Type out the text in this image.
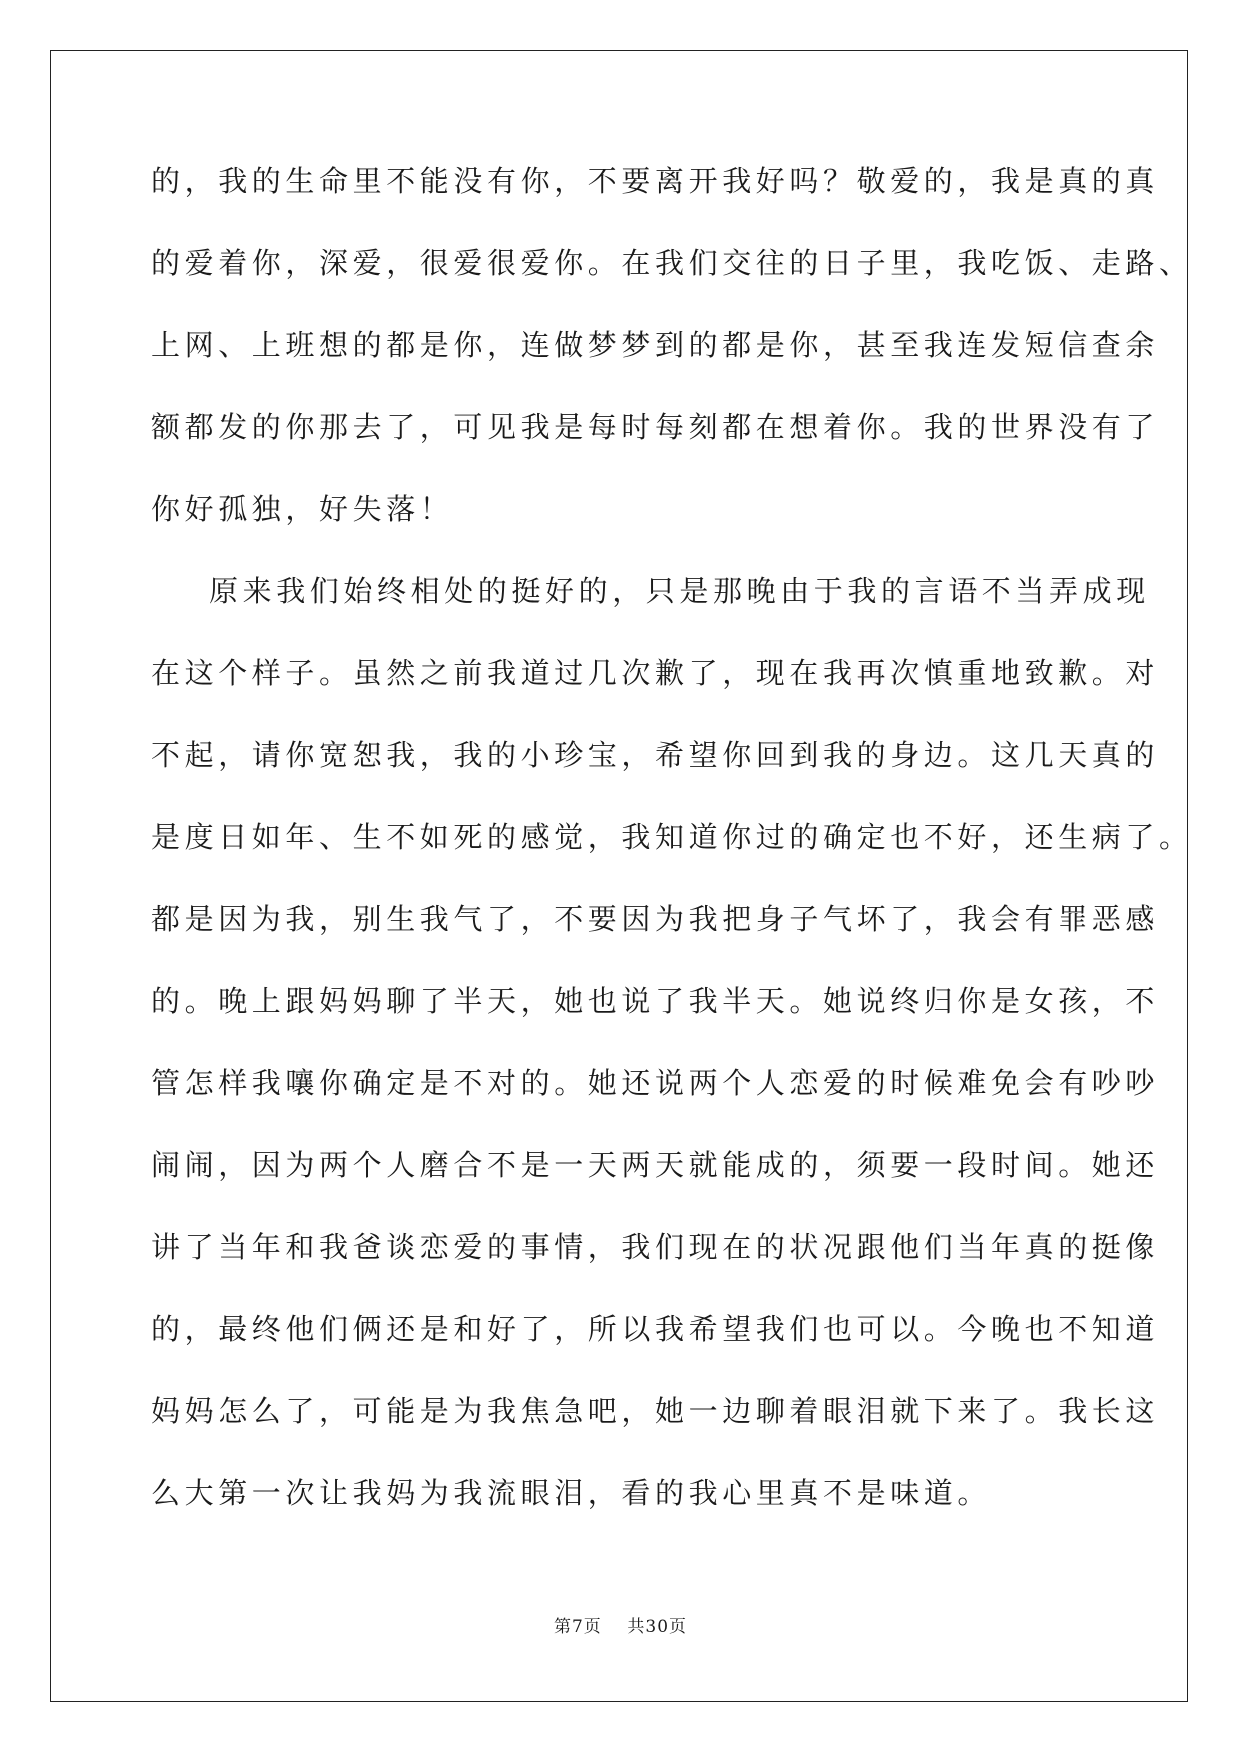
的，我的生命里不能没有你，不要离开我好吗？敬爱的，我是真的真
的爱着你，深爱，很爱很爱你。在我们交往的日子里，我吃饭、走路、
上网、上班想的都是你，连做梦梦到的都是你，甚至我连发短信查余
额都发的你那去了，可见我是每时每刻都在想着你。我的世界没有了
你好孤独，好失落！
原来我们始终相处的挺好的，只是那晚由于我的言语不当弄成现
在这个样子。虽然之前我道过几次歉了，现在我再次慎重地致歉。对
不起，请你宽恕我，我的小珍宝，希望你回到我的身边。这几天真的
是度日如年、生不如死的感觉，我知道你过的确定也不好，还生病了。
都是因为我，别生我气了，不要因为我把身子气坏了，我会有罪恶感
的。晚上跟妈妈聊了半天，她也说了我半天。她说终归你是女孩，不
管怎样我嚷你确定是不对的。她还说两个人恋爱的时候难免会有吵吵
闹闹，因为两个人磨合不是一天两天就能成的，须要一段时间。她还
讲了当年和我爸谈恋爱的事情，我们现在的状况跟他们当年真的挺像
的，最终他们俩还是和好了，所以我希望我们也可以。今晚也不知道
妈妈怎么了，可能是为我焦急吧，她一边聊着眼泪就下来了。我长这
么大第一次让我妈为我流眼泪，看的我心里真不是味道。
第7页 共30页
